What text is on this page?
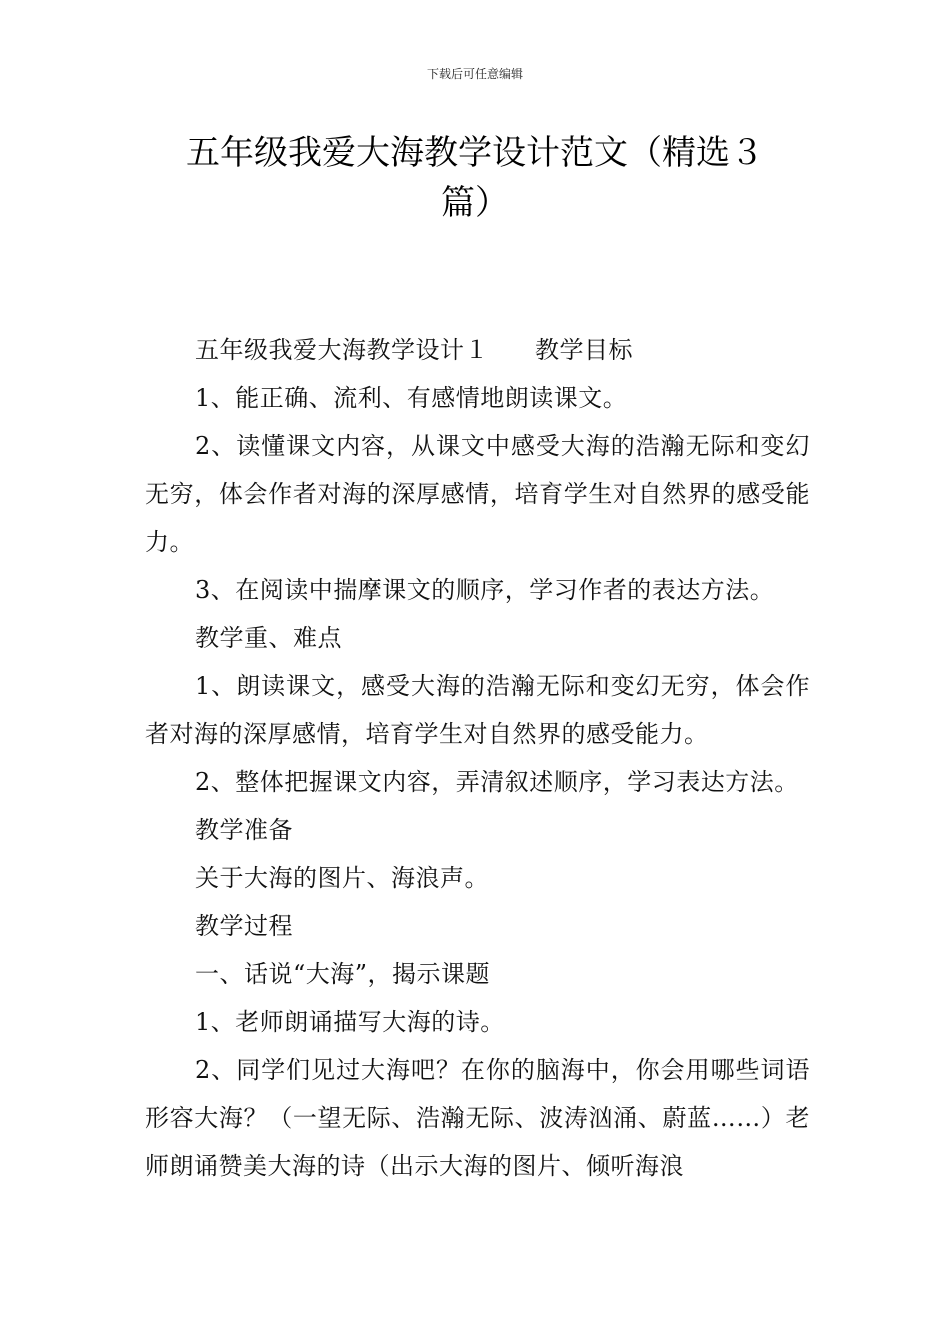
下载后可任意编辑
五年级我爱大海教学设计范文（精选３
篇）

五年级我爱大海教学设计１ 教学目标

1、能正确、流利、有感情地朗读课文。

2、读懂课文内容，从课文中感受大海的浩瀚无际和变幻无穷，体会作者对海的深厚感情，培育学生对自然界的感受能力。

3、在阅读中揣摩课文的顺序，学习作者的表达方法。

教学重、难点

1、朗读课文，感受大海的浩瀚无际和变幻无穷，体会作者对海的深厚感情，培育学生对自然界的感受能力。

2、整体把握课文内容，弄清叙述顺序，学习表达方法。

教学准备

关于大海的图片、海浪声。

教学过程

一、话说“大海”，揭示课题

1、老师朗诵描写大海的诗。

2、同学们见过大海吧？在你的脑海中，你会用哪些词语形容大海？（一望无际、浩瀚无际、波涛汹涌、蔚蓝……）老师朗诵赞美大海的诗（出示大海的图片、倾听海浪
